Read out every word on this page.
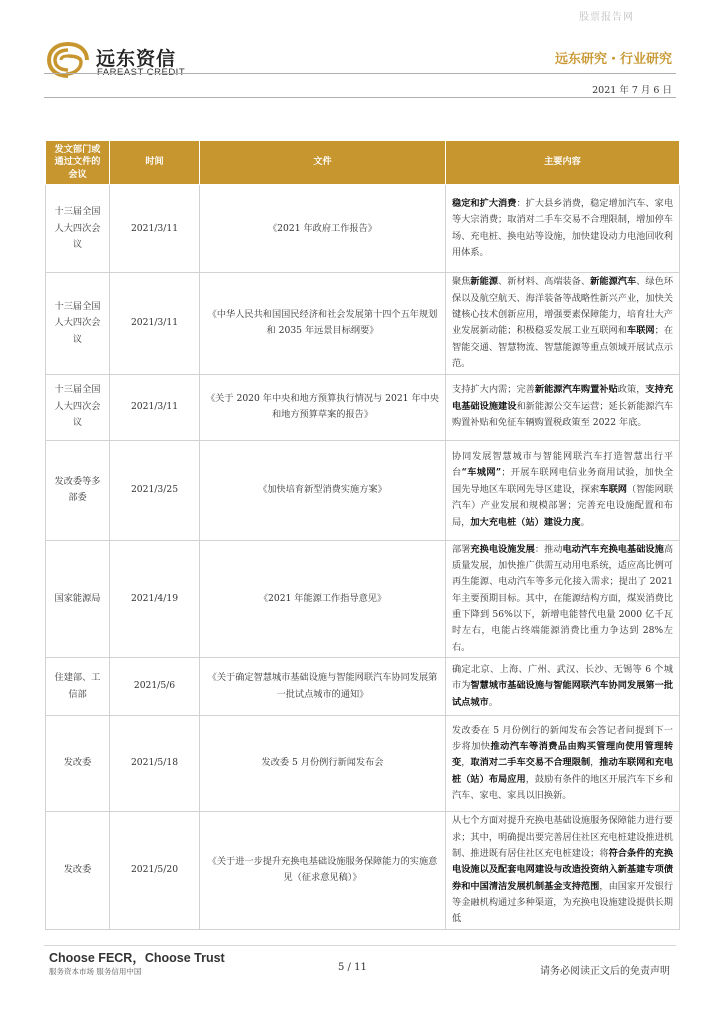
股票报告网
远东资信	远东研究・行业研究
2021 年 7 月 6 日
发文部门或通过文件的会议	时间	文件	主要内容
十三届全国人大四次会议	2021/3/11	《2021 年政府工作报告》	稳定和扩大消费：扩大县乡消费，稳定增加汽车、家电等大宗消费；取消对二手车交易不合理限制，增加停车场、充电桩、换电站等设施，加快建设动力电池回收利用体系。
十三届全国人大四次会议	2021/3/11	《中华人民共和国国民经济和社会发展第十四个五年规划和 2035 年远景目标纲要》	聚焦新能源、新材料、高端装备、新能源汽车、绿色环保以及航空航天、海洋装备等战略性新兴产业，加快关键核心技术创新应用，增强要素保障能力，培育壮大产业发展新动能；积极稳妥发展工业互联网和车联网；在智能交通、智慧物流、智慧能源等重点领域开展试点示范。
十三届全国人大四次会议	2021/3/11	《关于 2020 年中央和地方预算执行情况与 2021 年中央和地方预算草案的报告》	支持扩大内需；完善新能源汽车购置补贴政策，支持充电基础设施建设和新能源公交车运营；延长新能源汽车购置补贴和免征车辆购置税政策至 2022 年底。
发改委等多部委	2021/3/25	《加快培育新型消费实施方案》	协同发展智慧城市与智能网联汽车打造智慧出行平台“车城网”；开展车联网电信业务商用试验，加快全国先导地区车联网先导区建设，探索车联网（智能网联汽车）产业发展和规模部署；完善充电设施配置和布局，加大充电桩（站）建设力度。
国家能源局	2021/4/19	《2021 年能源工作指导意见》	部署充换电设施发展：推动电动汽车充换电基础设施高质量发展，加快推广供需互动用电系统，适应高比例可再生能源、电动汽车等多元化接入需求；提出了 2021 年主要预期目标。其中，在能源结构方面，煤炭消费比重下降到 56%以下，新增电能替代电量 2000 亿千瓦时左右，电能占终端能源消费比重力争达到 28%左右。
住建部、工信部	2021/5/6	《关于确定智慧城市基础设施与智能网联汽车协同发展第一批试点城市的通知》	确定北京、上海、广州、武汉、长沙、无锡等 6 个城市为智慧城市基础设施与智能网联汽车协同发展第一批试点城市。
发改委	2021/5/18	发改委 5 月份例行新闻发布会	发改委在 5 月份例行的新闻发布会答记者问提到下一步将加快推动汽车等消费品由购买管理向使用管理转变，取消对二手车交易不合理限制，推动车联网和充电桩（站）布局应用，鼓励有条件的地区开展汽车下乡和汽车、家电、家具以旧换新。
发改委	2021/5/20	《关于进一步提升充换电基础设施服务保障能力的实施意见（征求意见稿）》	从七个方面对提升充换电基础设施服务保障能力进行要求；其中，明确提出要完善居住社区充电桩建设推进机制、推进既有居住社区充电桩建设；将符合条件的充换电设施以及配套电网建设与改造投资纳入新基建专项债券和中国清洁发展机制基金支持范围，由国家开发银行等金融机构通过多种渠道，为充换电设施建设提供长期低
Choose FECR，Choose Trust
服务资本市场 服务信用中国	5 / 11	请务必阅读正文后的免责声明
